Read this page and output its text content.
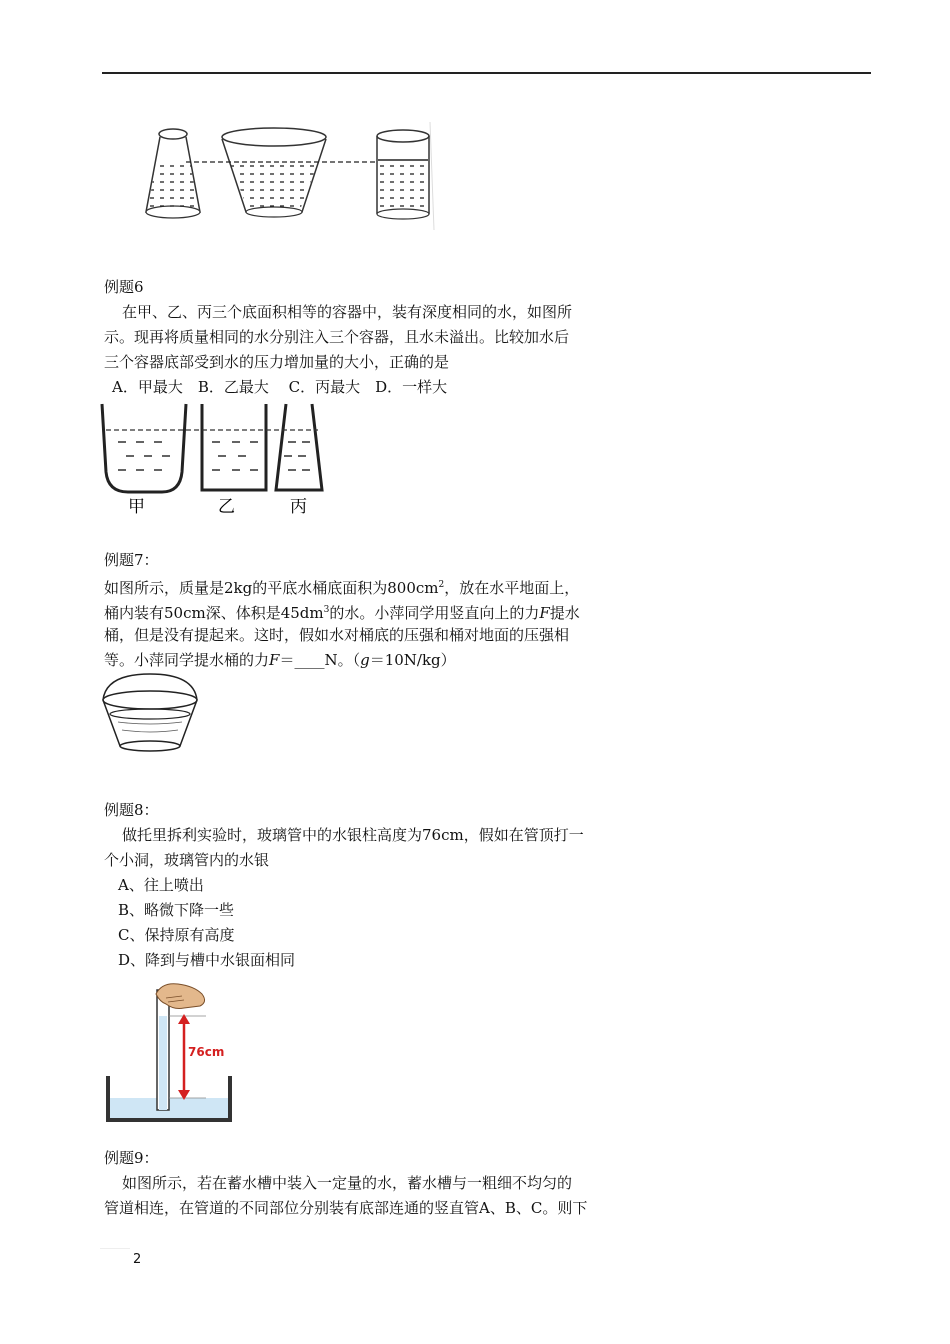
例题6
在甲、乙、丙三个底面积相等的容器中，装有深度相同的水，如图所
示。现再将质量相同的水分别注入三个容器，且水未溢出。比较加水后
三个容器底部受到水的压力增加量的大小，正确的是
A．甲最大　B．乙最大　 C．丙最大　D．一样大
甲	乙	丙
例题7：
如图所示，质量是2kg的平底水桶底面积为$800cm^2$，放在水平地面上，
桶内装有50cm深、体积是$45dm^3$的水。小萍同学用竖直向上的力F提水
桶，但是没有提起来。这时，假如水对桶底的压强和桶对地面的压强相
等。小萍同学提水桶的力F＝____N。（g＝10N/kg）
例题8：
做托里拆利实验时，玻璃管中的水银柱高度为76cm，假如在管顶打一
个小洞，玻璃管内的水银
A、往上喷出
B、略微下降一些
C、保持原有高度
D、降到与槽中水银面相同
76cm
例题9：
如图所示，若在蓄水槽中装入一定量的水，蓄水槽与一粗细不均匀的
管道相连，在管道的不同部位分别装有底部连通的竖直管A、B、C。则下
2
